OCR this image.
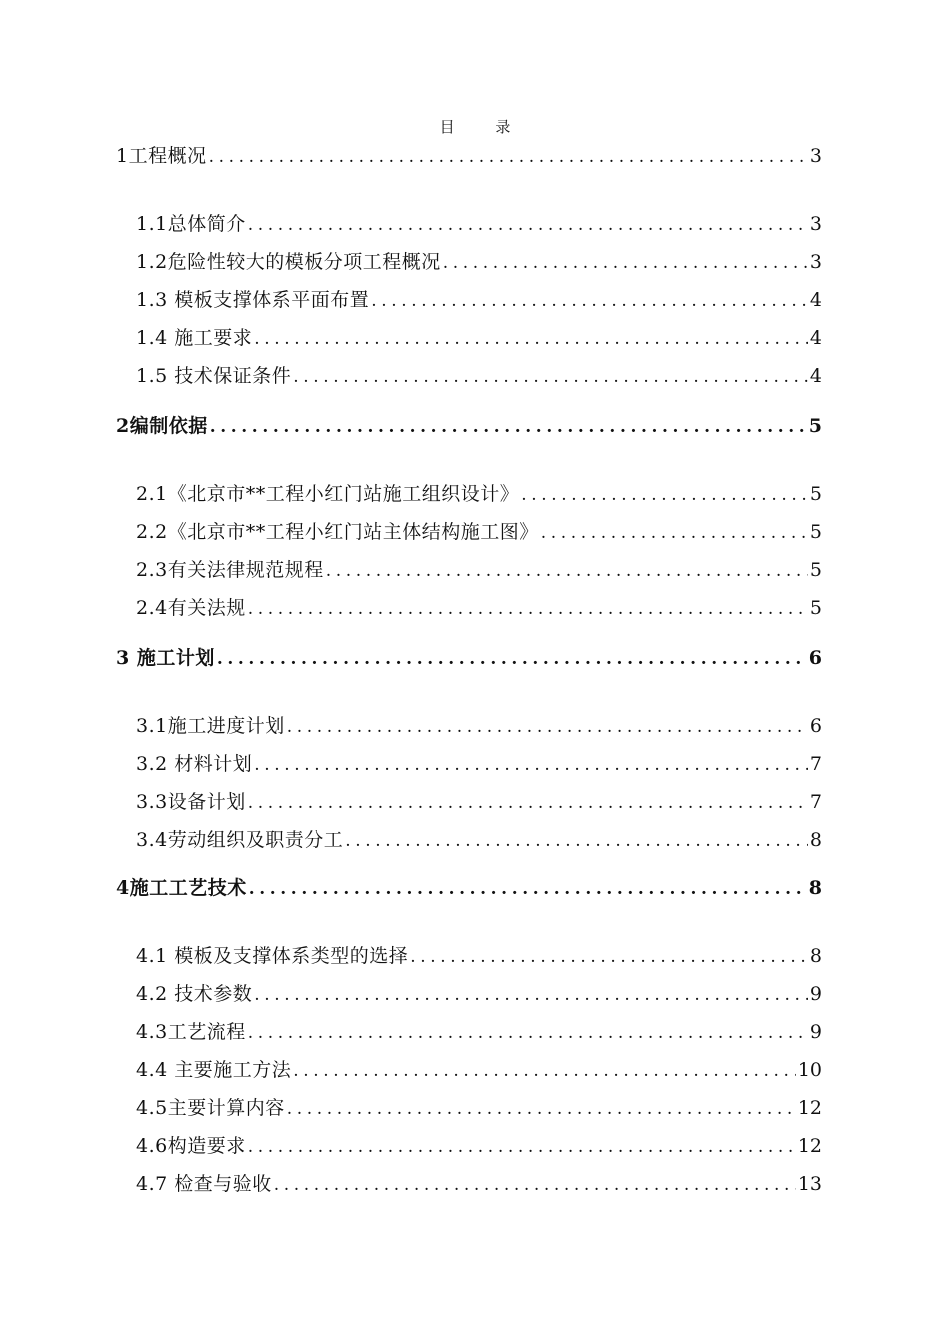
目 录
1工程概况 .....	3
1.1总体简介 .....	3
1.2危险性较大的模板分项工程概况 .....	3
1.3 模板支撑体系平面布置 .....	4
1.4 施工要求 .....	4
1.5 技术保证条件 .....	4
2编制依据 .....	5
2.1《北京市**工程小红门站施工组织设计》 .....	5
2.2《北京市**工程小红门站主体结构施工图》 .....	5
2.3有关法律规范规程 .....	5
2.4有关法规 .....	5
3 施工计划 .....	6
3.1施工进度计划 .....	6
3.2 材料计划 .....	7
3.3设备计划 .....	7
3.4劳动组织及职责分工 .....	8
4施工工艺技术 .....	8
4.1 模板及支撑体系类型的选择 .....	8
4.2 技术参数 .....	9
4.3工艺流程 .....	9
4.4 主要施工方法 .....	10
4.5主要计算内容 .....	12
4.6构造要求 .....	12
4.7 检查与验收 .....	13
